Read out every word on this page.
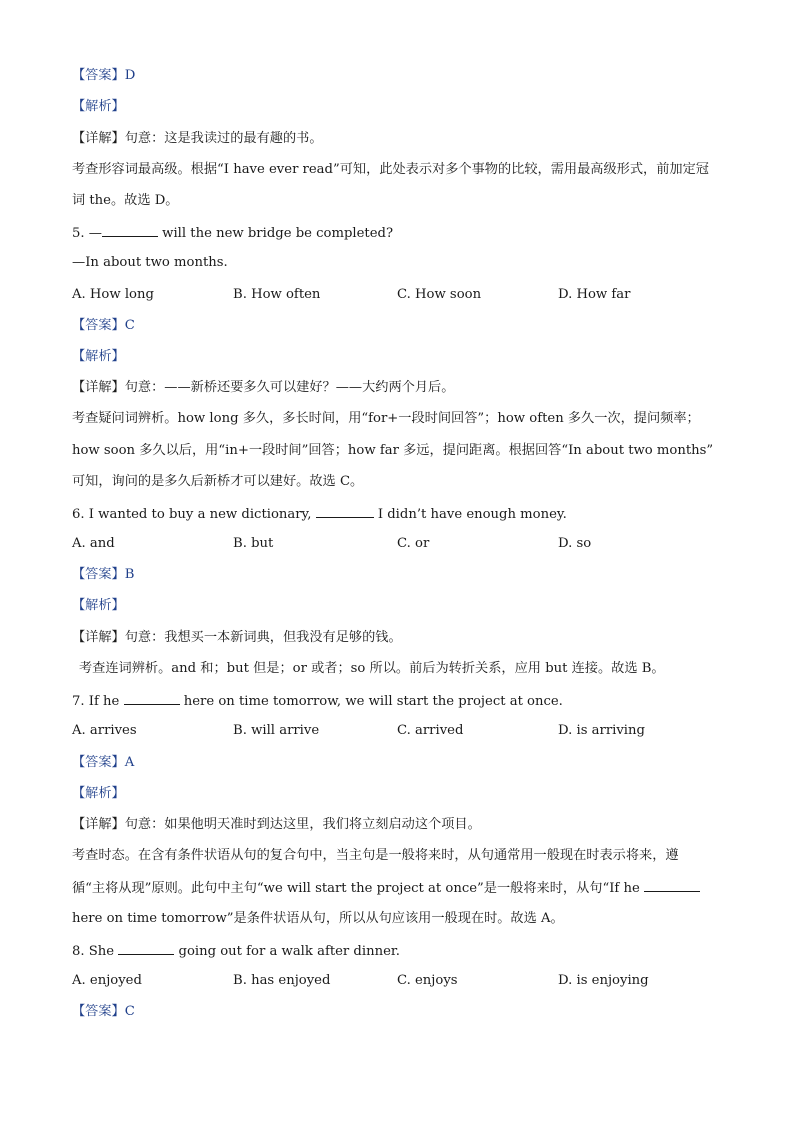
【答案】D
【解析】
【详解】句意：这是我读过的最有趣的书。
考查形容词最高级。根据“I have ever read”可知，此处表示对多个事物的比较，需用最高级形式，前加定冠
词 the。故选 D。
5. —	will the new bridge be completed?
—In about two months.
A. How long	B. How often	C. How soon	D. How far
【答案】C
【解析】
【详解】句意：——新桥还要多久可以建好？——大约两个月后。
考查疑问词辨析。how long 多久，多长时间，用“for+一段时间回答”；how often 多久一次，提问频率；
how soon 多久以后，用“in+一段时间”回答；how far 多远，提问距离。根据回答“In about two months”
可知，询问的是多久后新桥才可以建好。故选 C。
6. I wanted to buy a new dictionary,	I didn’t have enough money.
A. and	B. but	C. or	D. so
【答案】B
【解析】
【详解】句意：我想买一本新词典，但我没有足够的钱。
考查连词辨析。and 和；but 但是；or 或者；so 所以。前后为转折关系，应用 but 连接。故选 B。
7. If he	here on time tomorrow, we will start the project at once.
A. arrives	B. will arrive	C. arrived	D. is arriving
【答案】A
【解析】
【详解】句意：如果他明天准时到达这里，我们将立刻启动这个项目。
考查时态。在含有条件状语从句的复合句中，当主句是一般将来时，从句通常用一般现在时表示将来，遵
循“主将从现”原则。此句中主句“we will start the project at once”是一般将来时，从句“If he
here on time tomorrow”是条件状语从句，所以从句应该用一般现在时。故选 A。
8. She	going out for a walk after dinner.
A. enjoyed	B. has enjoyed	C. enjoys	D. is enjoying
【答案】C
